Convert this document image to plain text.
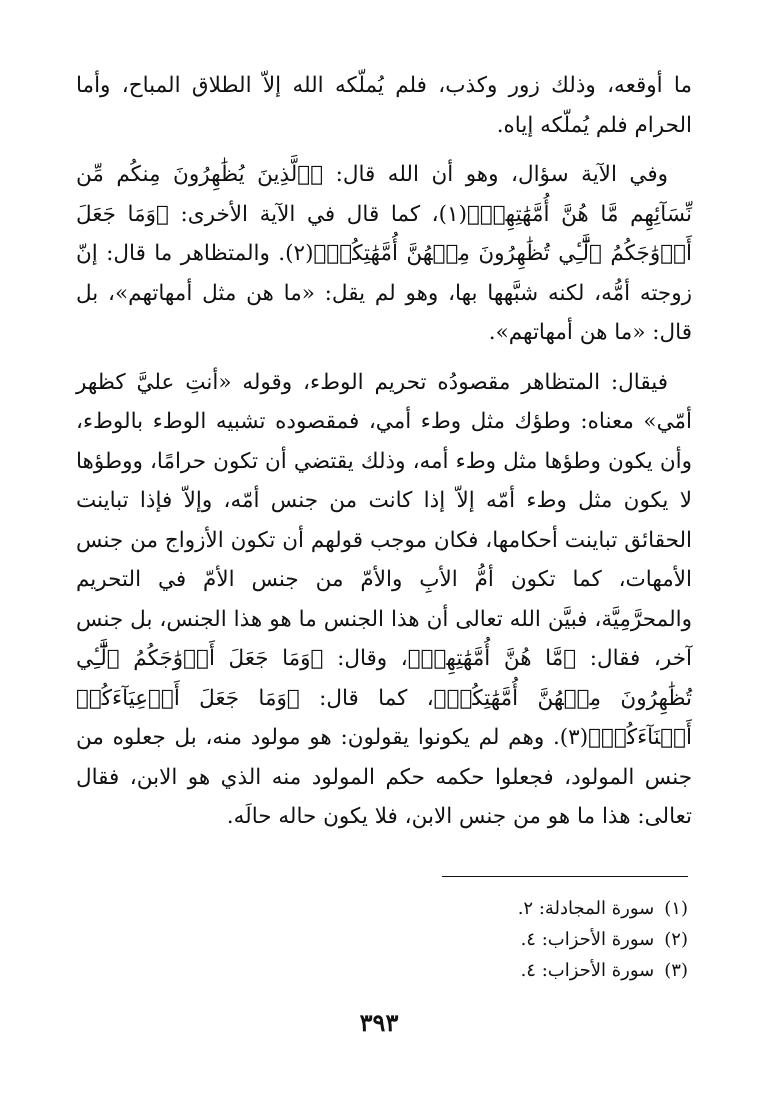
ما أوقعه، وذلك زور وكذب، فلم يُملّكه الله إلاّ الطلاق المباح، وأما الحرام فلم يُملّكه إياه.

وفي الآية سؤال، وهو أن الله قال: ﴿ٱلَّذِينَ يُظَٰهِرُونَ مِنكُم مِّن نِّسَآئِهِم مَّا هُنَّ أُمَّهَٰتِهِمۡ﴾(١)، كما قال في الآية الأخرى: ﴿وَمَا جَعَلَ أَزۡوَٰجَكُمُ ٱلَّٰٓـِٔي تُظَٰهِرُونَ مِنۡهُنَّ أُمَّهَٰتِكُمۡ﴾(٢). والمتظاهر ما قال: إنّ زوجته أمُّه، لكنه شبَّهها بها، وهو لم يقل: «ما هن مثل أمهاتهم»، بل قال: «ما هن أمهاتهم».

فيقال: المتظاهر مقصودُه تحريم الوطء، وقوله «أنتِ عليَّ كظهر أمّي» معناه: وطؤك مثل وطء أمي، فمقصوده تشبيه الوطء بالوطء، وأن يكون وطؤها مثل وطء أمه، وذلك يقتضي أن تكون حرامًا، ووطؤها لا يكون مثل وطء أمّه إلاّ إذا كانت من جنس أمّه، وإلاّ فإذا تباينت الحقائق تباينت أحكامها، فكان موجب قولهم أن تكون الأزواج من جنس الأمهات، كما تكون أمُّ الأبِ والأمّ من جنس الأمّ في التحريم والمحرَّمِيَّة، فبيَّن الله تعالى أن هذا الجنس ما هو هذا الجنس، بل جنس آخر، فقال: ﴿مَّا هُنَّ أُمَّهَٰتِهِمۡ﴾، وقال: ﴿وَمَا جَعَلَ أَزۡوَٰجَكُمُ ٱلَّٰٓـِٔي تُظَٰهِرُونَ مِنۡهُنَّ أُمَّهَٰتِكُمۡ﴾، كما قال: ﴿وَمَا جَعَلَ أَدۡعِيَآءَكُمۡ أَبۡنَآءَكُمۡ﴾(٣). وهم لم يكونوا يقولون: هو مولود منه، بل جعلوه من جنس المولود، فجعلوا حكمه حكم المولود منه الذي هو الابن، فقال تعالى: هذا ما هو من جنس الابن، فلا يكون حاله حالَه.

(١)
سورة المجادلة: ٢.
(٢)
سورة الأحزاب: ٤.
(٣)
سورة الأحزاب: ٤.
٣٩٣
